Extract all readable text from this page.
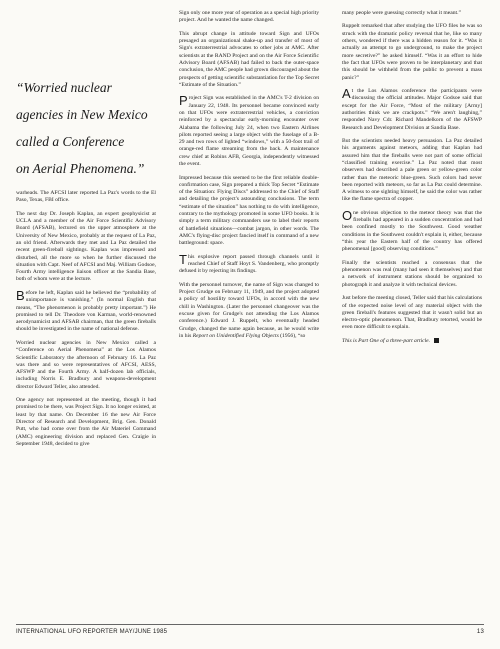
“Worried nuclear
agencies in New Mexico
called a Conference
on Aerial Phenomena.”

warheads. The AFCSI later reported La Paz's words to the El Paso, Texas, FBI office.

The next day Dr. Joseph Kaplan, an expert geophysicist at UCLA and a member of the Air Force Scientific Advisory Board (AFSAB), lectured on the upper atmosphere at the University of New Mexico, probably at the request of La Paz, an old friend. Afterwards they met and La Paz detailed the recent green-fireball sightings. Kaplan was impressed and disturbed, all the more so when he further discussed the situation with Capt. Neef of AFCSI and Maj. William Godsoe, Fourth Army intelligence liaison officer at the Sandia Base, both of whom were at the lecture.

Before he left, Kaplan said he believed the “probability of unimportance is vanishing.” (In normal English that means, “The phenomenon is probably pretty important.”) He promised to tell Dr. Theodore von Karman, world-renowned aerodynamicist and AFSAB chairman, that the green fireballs should be investigated in the name of national defense.

Worried nuclear agencies in New Mexico called a “Conference on Aerial Phenomena” at the Los Alamos Scientific Laboratory the afternoon of February 16. La Paz was there and so were representatives of AFCSI, AESS, AFSWP and the Fourth Army. A half-dozen lab officials, including Norris E. Bradbury and weapons-development director Edward Teller, also attended.

One agency not represented at the meeting, though it had promised to be there, was Project Sign. It no longer existed, at least by that name. On December 16 the new Air Force Director of Research and Development, Brig. Gen. Donald Putt, who had come over from the Air Materiel Command (AMC) engineering division and replaced Gen. Craigie in September 1948, decided to give

Sign only one more year of operation as a special high priority project. And he wanted the name changed.

This abrupt change in attitude toward Sign and UFOs presaged an organizational shake-up and transfer of most of Sign's extraterrestrial advocates to other jobs at AMC. After scientists at the RAND Project and on the Air Force Scientific Advisory Board (AFSAB) had failed to back the outer-space conclusion, the AMC people had grown discouraged about the prospects of getting scientific substantiation for the Top Secret “Estimate of the Situation.”

Project Sign was established in the AMC's T-2 division on January 22, 1948. Its personnel became convinced early on that UFOs were extraterrestrial vehicles, a conviction reinforced by a spectacular early-morning encounter over Alabama the following July 24, when two Eastern Airlines pilots reported seeing a large object with the fuselage of a B-29 and two rows of lighted “windows,” with a 50-foot trail of orange-red flame streaming from the back. A maintenance crew chief at Robins AFB, Georgia, independently witnessed the event.

Impressed because this seemed to be the first reliable double-confirmation case, Sign prepared a thick Top Secret “Estimate of the Situation: Flying Discs” addressed to the Chief of Staff and detailing the project's astounding conclusions. The term “estimate of the situation” has nothing to do with intelligence, contrary to the mythology promoted in some UFO books. It is simply a term military commanders use to label their reports of battlefield situations—combat jargon, in other words. The AMC's flying-disc project fancied itself in command of a new battleground: space.

This explosive report passed through channels until it reached Chief of Staff Hoyt S. Vandenberg, who promptly defused it by rejecting its findings.

With the personnel turnover, the name of Sign was changed to Project Grudge on February 11, 1949, and the project adopted a policy of hostility toward UFOs, in accord with the new chill in Washington. (Later the personnel changeover was the excuse given for Grudge's not attending the Los Alamos conference.) Edward J. Ruppelt, who eventually headed Grudge, changed the name again because, as he would write in his Report on Unidentified Flying Objects (1956), “so

many people were guessing correctly what it meant.”

Ruppelt remarked that after studying the UFO files he was so struck with the dramatic policy reversal that he, like so many others, wondered if there was a hidden reason for it. “Was it actually an attempt to go underground, to make the project more secretive?” he asked himself. “Was it an effort to hide the fact that UFOs were proven to be interplanetary and that this should be withheld from the public to prevent a mass panic?”

At the Los Alamos conference the participants were discussing the official attitudes. Major Godsoe said that except for the Air Force, “Most of the military [Army] authorities think we are crackpots.” “We aren't laughing,” responded Navy Cdr. Richard Mandelkorn of the AFSWP Research and Development Division at Sandia Base.

But the scientists needed heavy persuasion. La Paz detailed his arguments against meteors, adding that Kaplan had assured him that the fireballs were not part of some official “classified training exercise.” La Paz noted that most observers had described a pale green or yellow-green color rather than the meteoric blue-green. Such colors had never been reported with meteors, so far as La Paz could determine. A witness to one sighting himself, he said the color was rather like the flame spectra of copper.

One obvious objection to the meteor theory was that the fireballs had appeared in a sudden concentration and had been confined mostly to the Southwest. Good weather conditions in the Southwest couldn't explain it, either, because “this year the Eastern half of the country has offered phenomenal [good] observing conditions.”

Finally the scientists reached a consensus that the phenomenon was real (many had seen it themselves) and that a network of instrument stations should be organized to photograph it and analyze it with technical devices.

Just before the meeting closed, Teller said that his calculations of the expected noise level of any material object with the green fireball's features suggested that it wasn't solid but an electro-optic phenomenon. That, Bradbury retorted, would be even more difficult to explain.

This is Part One of a three-part article.

INTERNATIONAL UFO REPORTER MAY/JUNE 1985	13
